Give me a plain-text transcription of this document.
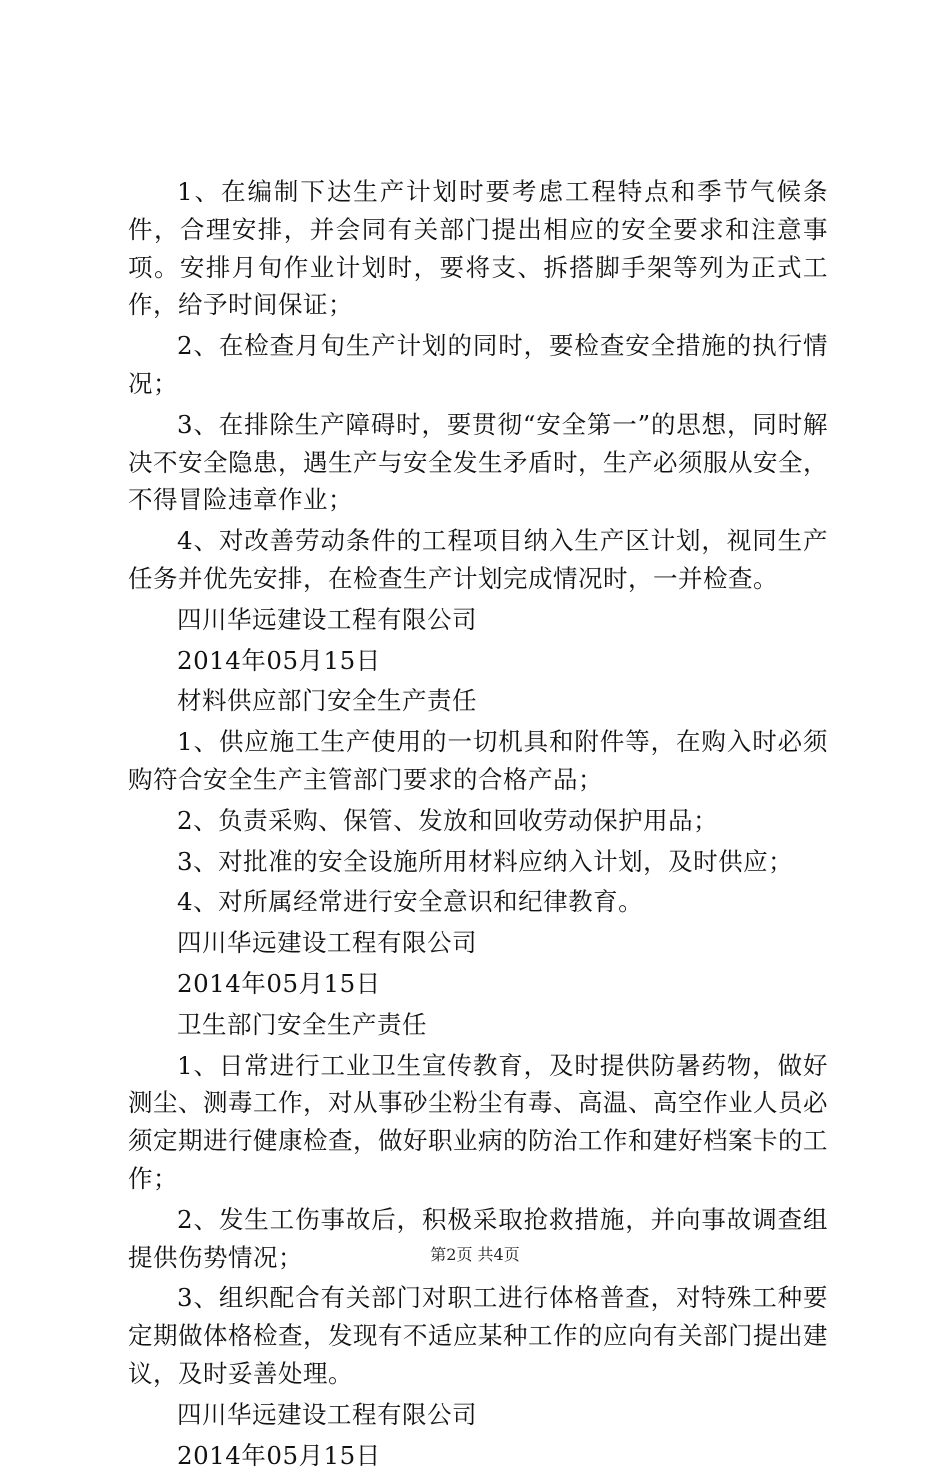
1、在编制下达生产计划时要考虑工程特点和季节气候条件，合理安排，并会同有关部门提出相应的安全要求和注意事项。安排月旬作业计划时，要将支、拆搭脚手架等列为正式工作，给予时间保证；

2、在检查月旬生产计划的同时，要检查安全措施的执行情况；

3、在排除生产障碍时，要贯彻“安全第一”的思想，同时解决不安全隐患，遇生产与安全发生矛盾时，生产必须服从安全，不得冒险违章作业；

4、对改善劳动条件的工程项目纳入生产区计划，视同生产任务并优先安排，在检查生产计划完成情况时，一并检查。

四川华远建设工程有限公司

2014年05月15日

材料供应部门安全生产责任

1、供应施工生产使用的一切机具和附件等，在购入时必须购符合安全生产主管部门要求的合格产品；

2、负责采购、保管、发放和回收劳动保护用品；

3、对批准的安全设施所用材料应纳入计划，及时供应；

4、对所属经常进行安全意识和纪律教育。

四川华远建设工程有限公司

2014年05月15日

卫生部门安全生产责任

1、日常进行工业卫生宣传教育，及时提供防暑药物，做好测尘、测毒工作，对从事砂尘粉尘有毒、高温、高空作业人员必须定期进行健康检查，做好职业病的防治工作和建好档案卡的工作；

2、发生工伤事故后，积极采取抢救措施，并向事故调查组提供伤势情况；

3、组织配合有关部门对职工进行体格普查，对特殊工种要定期做体格检查，发现有不适应某种工作的应向有关部门提出建议，及时妥善处理。

四川华远建设工程有限公司

2014年05月15日

第2页 共4页
